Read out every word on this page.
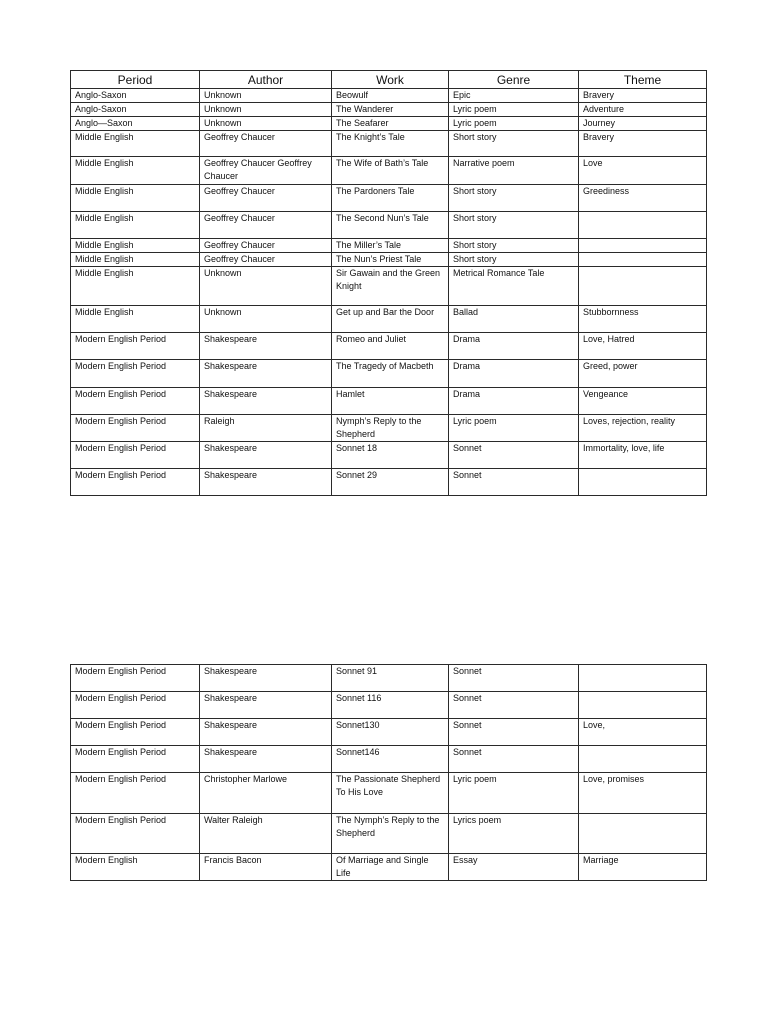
Period	Author	Work	Genre	Theme
Anglo-Saxon	Unknown	Beowulf	Epic	Bravery
Anglo-Saxon	Unknown	The Wanderer	Lyric poem	Adventure
Anglo—Saxon	Unknown	The Seafarer	Lyric poem	Journey
Middle English	Geoffrey Chaucer	The Knight’s Tale	Short story	Bravery
Middle English	Geoffrey Chaucer Geoffrey Chaucer	The Wife of Bath’s Tale	Narrative poem	Love
Middle English	Geoffrey Chaucer	The Pardoners Tale	Short story	Greediness
Middle English	Geoffrey Chaucer	The Second Nun’s Tale	Short story	
Middle English	Geoffrey Chaucer	The Miller’s Tale	Short story	
Middle English	Geoffrey Chaucer	The Nun’s Priest Tale	Short story	
Middle English	Unknown	Sir Gawain and the Green Knight	Metrical Romance Tale	
Middle English	Unknown	Get up and Bar the Door	Ballad	Stubbornness
Modern English Period	Shakespeare	Romeo and Juliet	Drama	Love, Hatred
Modern English Period	Shakespeare	The Tragedy of Macbeth	Drama	Greed, power
Modern English Period	Shakespeare	Hamlet	Drama	Vengeance
Modern English Period	Raleigh	Nymph’s Reply to the Shepherd	Lyric poem	Loves, rejection, reality
Modern English Period	Shakespeare	Sonnet 18	Sonnet	Immortality, love, life
Modern English Period	Shakespeare	Sonnet 29	Sonnet	
Modern English Period	Shakespeare	Sonnet 91	Sonnet	
Modern English Period	Shakespeare	Sonnet 116	Sonnet	
Modern English Period	Shakespeare	Sonnet130	Sonnet	Love,
Modern English Period	Shakespeare	Sonnet146	Sonnet	
Modern English Period	Christopher Marlowe	The Passionate Shepherd To His Love	Lyric poem	Love, promises
Modern English Period	Walter Raleigh	The Nymph’s Reply to the Shepherd	Lyrics poem	
Modern English	Francis Bacon	Of Marriage and Single Life	Essay	Marriage
